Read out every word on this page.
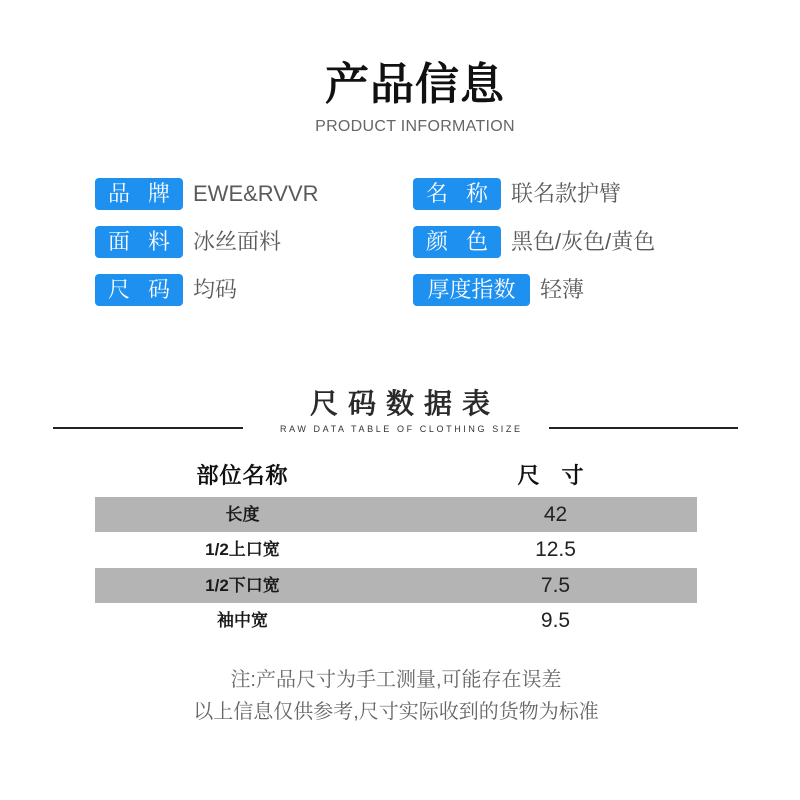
产品信息
PRODUCT INFORMATION
品 牌	EWE&RVVR
面 料	冰丝面料
尺 码	均码
名 称	联名款护臂
颜 色	黑色/灰色/黄色
厚度指数	轻薄
尺码数据表
RAW DATA TABLE OF CLOTHING SIZE
部位名称	尺 寸
长度	42
1/2上口宽	12.5
1/2下口宽	7.5
袖中宽	9.5
注:产品尺寸为手工测量,可能存在误差
以上信息仅供参考,尺寸实际收到的货物为标准
